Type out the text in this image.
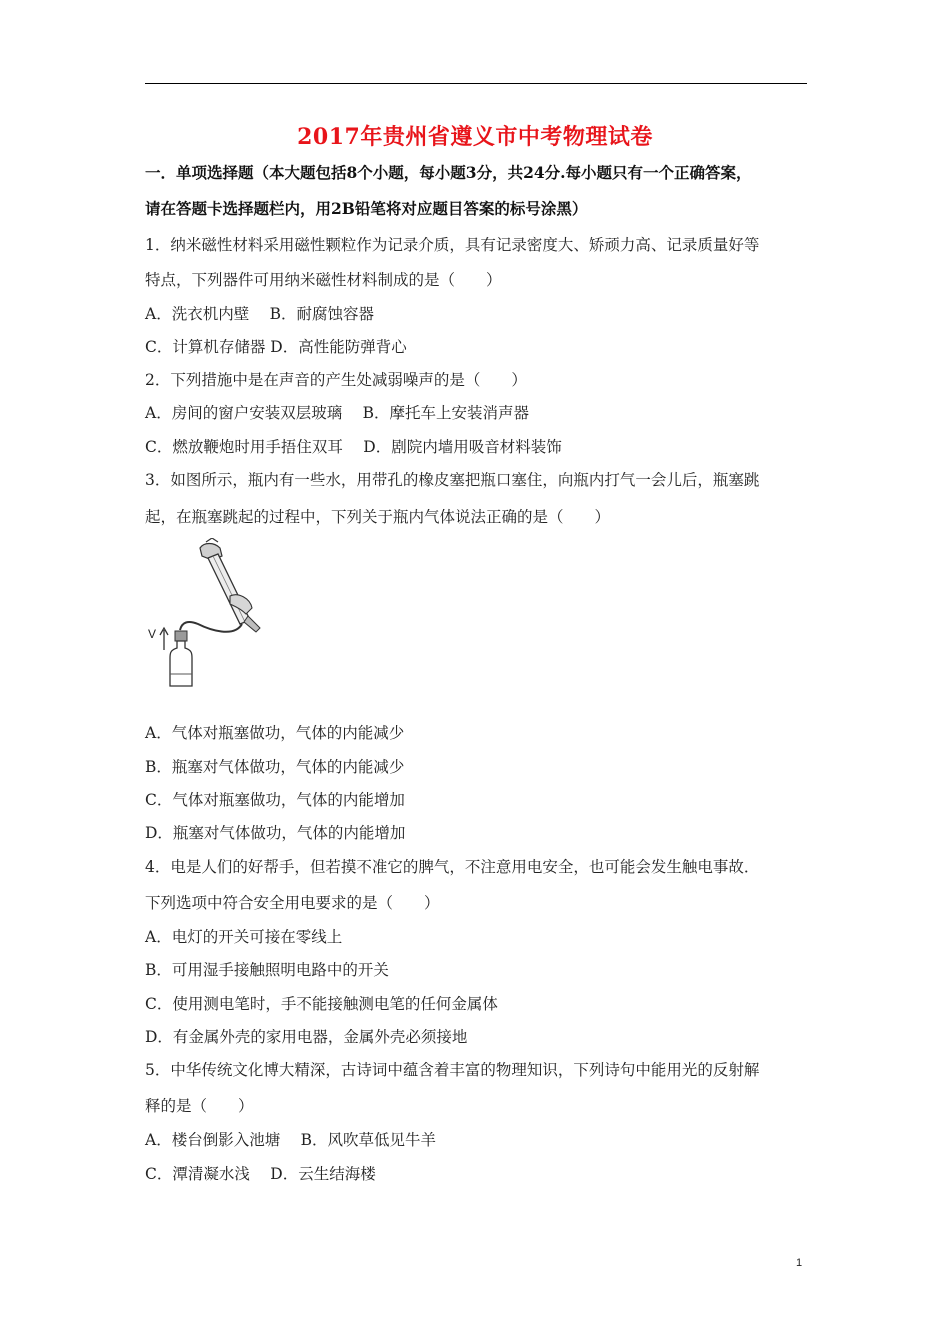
2017年贵州省遵义市中考物理试卷
一．单项选择题（本大题包括8个小题，每小题3分，共24分.每小题只有一个正确答案，
请在答题卡选择题栏内，用2B铅笔将对应题目答案的标号涂黑）
1．纳米磁性材料采用磁性颗粒作为记录介质，具有记录密度大、矫顽力高、记录质量好等
特点，下列器件可用纳米磁性材料制成的是（　　）
A．洗衣机内壁　 B．耐腐蚀容器
C．计算机存储器 D．高性能防弹背心
2．下列措施中是在声音的产生处减弱噪声的是（　　）
A．房间的窗户安装双层玻璃　 B．摩托车上安装消声器
C．燃放鞭炮时用手捂住双耳　 D．剧院内墙用吸音材料装饰
3．如图所示，瓶内有一些水，用带孔的橡皮塞把瓶口塞住，向瓶内打气一会儿后，瓶塞跳
起，在瓶塞跳起的过程中，下列关于瓶内气体说法正确的是（　　）
V
A．气体对瓶塞做功，气体的内能减少
B．瓶塞对气体做功，气体的内能减少
C．气体对瓶塞做功，气体的内能增加
D．瓶塞对气体做功，气体的内能增加
4．电是人们的好帮手，但若摸不准它的脾气，不注意用电安全，也可能会发生触电事故．
下列选项中符合安全用电要求的是（　　）
A．电灯的开关可接在零线上
B．可用湿手接触照明电路中的开关
C．使用测电笔时，手不能接触测电笔的任何金属体
D．有金属外壳的家用电器，金属外壳必须接地
5．中华传统文化博大精深，古诗词中蕴含着丰富的物理知识，下列诗句中能用光的反射解
释的是（　　）
A．楼台倒影入池塘　 B．风吹草低见牛羊
C．潭清凝水浅　 D．云生结海楼
1
